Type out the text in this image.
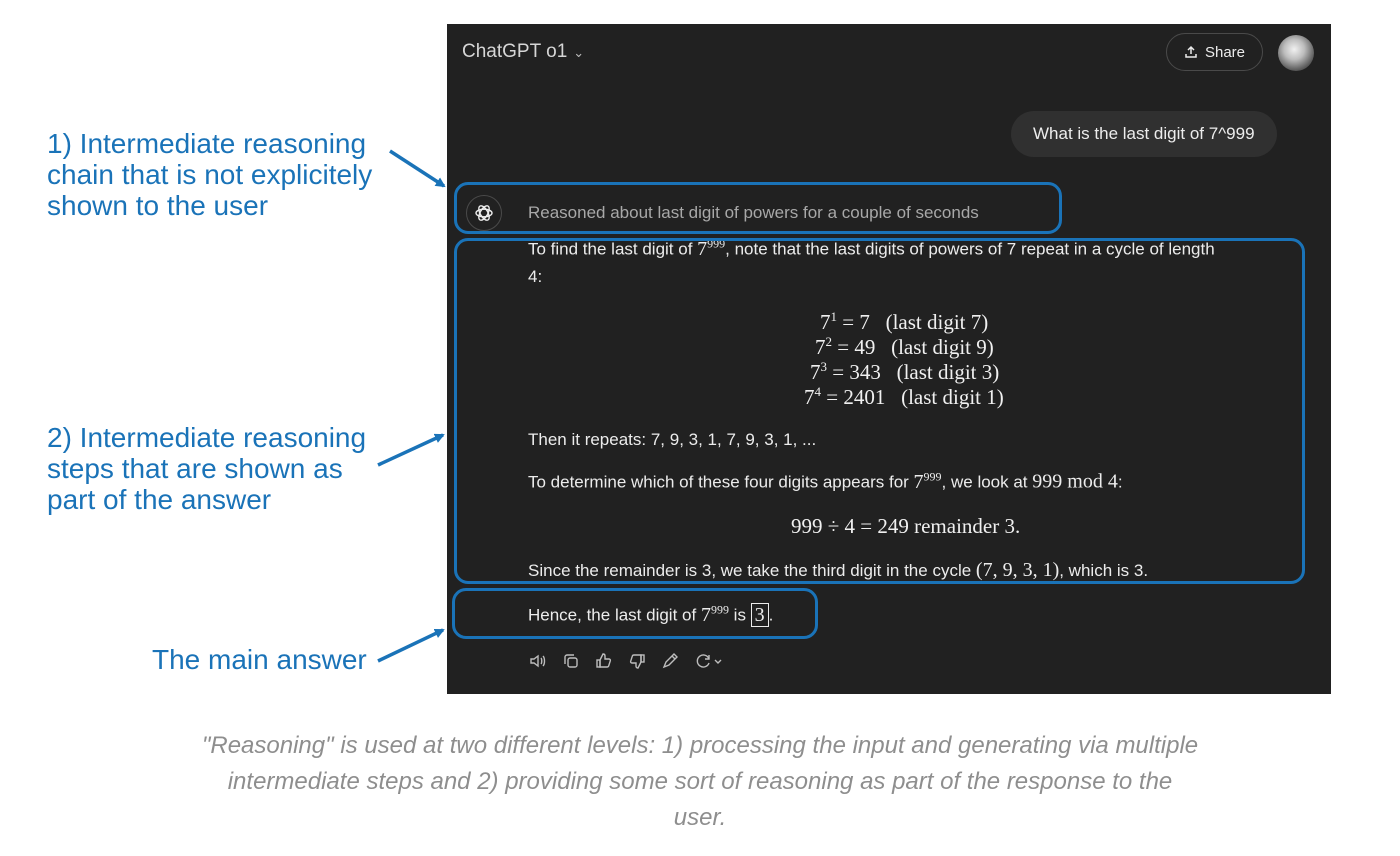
1) Intermediate reasoning chain that is not explicitely shown to the user
2) Intermediate reasoning steps that are shown as part of the answer
The main answer
ChatGPT o1 ⌄	Share
What is the last digit of 7^999
Reasoned about last digit of powers for a couple of seconds
To find the last digit of $7^{999}$, note that the last digits of powers of 7 repeat in a cycle of length
4:
$7^1 = 7$ (last digit 7)
$7^2 = 49$ (last digit 9)
$7^3 = 343$ (last digit 3)
$7^4 = 2401$ (last digit 1)
Then it repeats: 7, 9, 3, 1, 7, 9, 3, 1, ...
To determine which of these four digits appears for $7^{999}$, we look at 999 mod 4:
999 ÷ 4 = 249 remainder 3.
Since the remainder is 3, we take the third digit in the cycle (7, 9, 3, 1), which is 3.
Hence, the last digit of $7^{999}$ is 3 .
"Reasoning" is used at two different levels: 1) processing the input and generating via multiple intermediate steps and 2) providing some sort of reasoning as part of the response to the user.
